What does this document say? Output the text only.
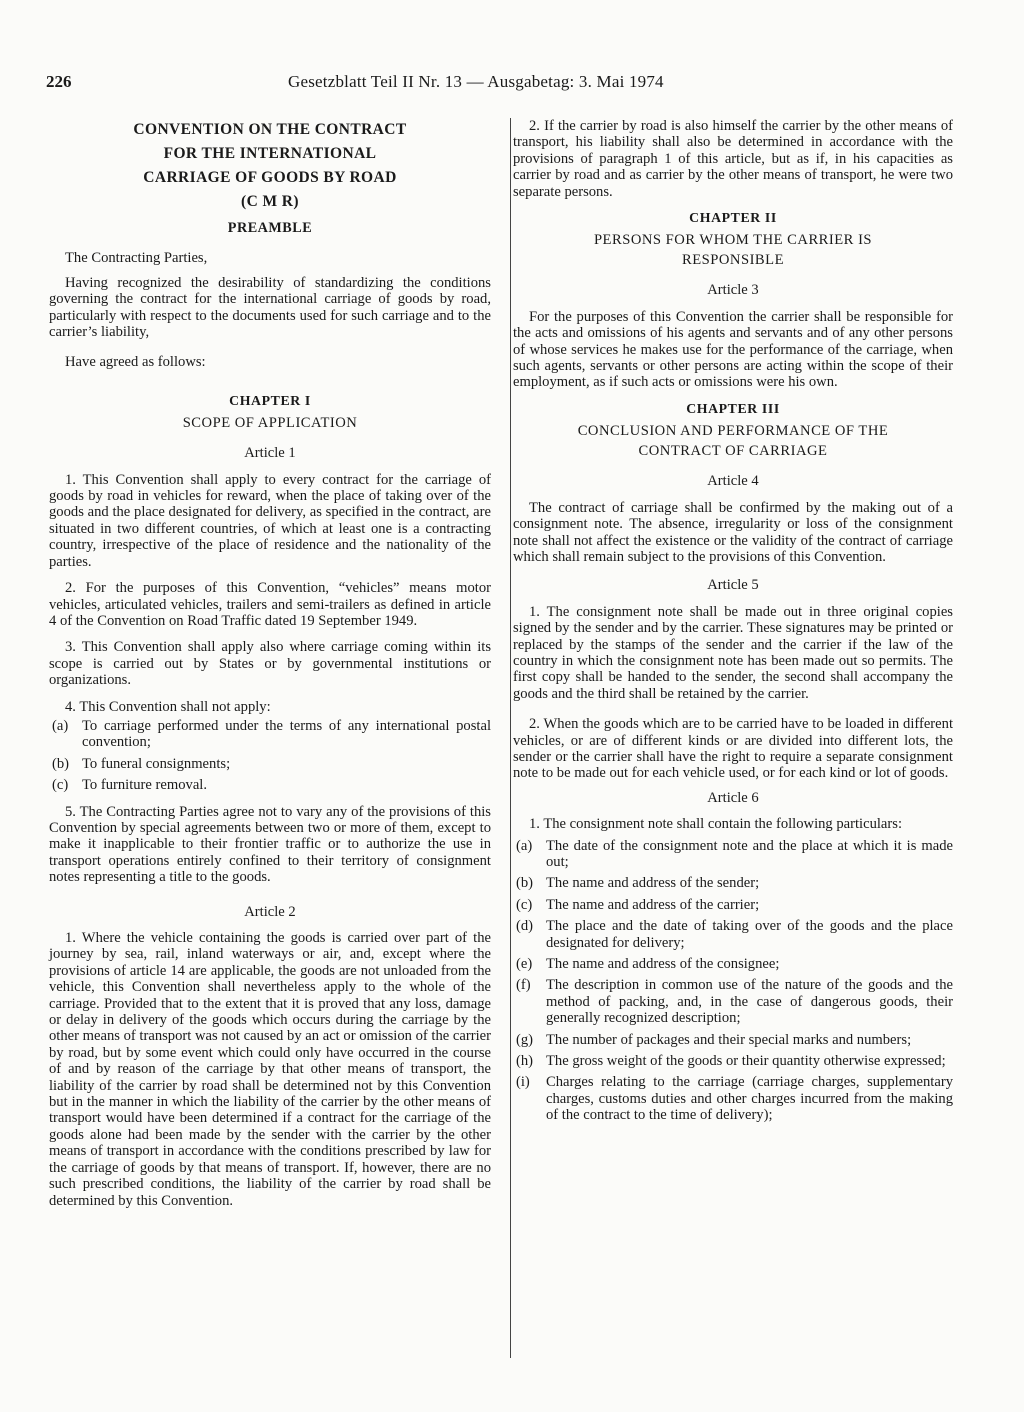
226	Gesetzblatt Teil II Nr. 13 — Ausgabetag: 3. Mai 1974
CONVENTION ON THE CONTRACT
FOR THE INTERNATIONAL
CARRIAGE OF GOODS BY ROAD
(C M R)
PREAMBLE

The Contracting Parties,

Having recognized the desirability of standardizing the conditions governing the contract for the international carriage of goods by road, particularly with respect to the documents used for such carriage and to the carrier’s liability,

Have agreed as follows:

CHAPTER I
SCOPE OF APPLICATION
Article 1

1. This Convention shall apply to every contract for the carriage of goods by road in vehicles for reward, when the place of taking over of the goods and the place designated for delivery, as specified in the contract, are situated in two different countries, of which at least one is a contracting country, irrespective of the place of residence and the nationality of the parties.

2. For the purposes of this Convention, “vehicles” means motor vehicles, articulated vehicles, trailers and semi-trailers as defined in article 4 of the Convention on Road Traffic dated 19 September 1949.

3. This Convention shall apply also where carriage coming within its scope is carried out by States or by governmental institutions or organizations.

4. This Convention shall not apply:

(a) To carriage performed under the terms of any international postal convention;
(b) To funeral consignments;
(c) To furniture removal.

5. The Contracting Parties agree not to vary any of the provisions of this Convention by special agreements between two or more of them, except to make it inapplicable to their frontier traffic or to authorize the use in transport operations entirely confined to their territory of consignment notes representing a title to the goods.

Article 2

1. Where the vehicle containing the goods is carried over part of the journey by sea, rail, inland waterways or air, and, except where the provisions of article 14 are applicable, the goods are not unloaded from the vehicle, this Convention shall nevertheless apply to the whole of the carriage. Provided that to the extent that it is proved that any loss, damage or delay in delivery of the goods which occurs during the carriage by the other means of transport was not caused by an act or omission of the carrier by road, but by some event which could only have occurred in the course of and by reason of the carriage by that other means of transport, the liability of the carrier by road shall be determined not by this Convention but in the manner in which the liability of the carrier by the other means of transport would have been determined if a contract for the carriage of the goods alone had been made by the sender with the carrier by the other means of transport in accordance with the conditions prescribed by law for the carriage of goods by that means of transport. If, however, there are no such prescribed conditions, the liability of the carrier by road shall be determined by this Convention.

2. If the carrier by road is also himself the carrier by the other means of transport, his liability shall also be determined in accordance with the provisions of paragraph 1 of this article, but as if, in his capacities as carrier by road and as carrier by the other means of transport, he were two separate persons.

CHAPTER II
PERSONS FOR WHOM THE CARRIER IS
RESPONSIBLE
Article 3

For the purposes of this Convention the carrier shall be responsible for the acts and omissions of his agents and servants and of any other persons of whose services he makes use for the performance of the carriage, when such agents, servants or other persons are acting within the scope of their employment, as if such acts or omissions were his own.

CHAPTER III
CONCLUSION AND PERFORMANCE OF THE
CONTRACT OF CARRIAGE
Article 4

The contract of carriage shall be confirmed by the making out of a consignment note. The absence, irregularity or loss of the consignment note shall not affect the existence or the validity of the contract of carriage which shall remain subject to the provisions of this Convention.

Article 5

1. The consignment note shall be made out in three original copies signed by the sender and by the carrier. These signatures may be printed or replaced by the stamps of the sender and the carrier if the law of the country in which the consignment note has been made out so permits. The first copy shall be handed to the sender, the second shall accompany the goods and the third shall be retained by the carrier.

2. When the goods which are to be carried have to be loaded in different vehicles, or are of different kinds or are divided into different lots, the sender or the carrier shall have the right to require a separate consignment note to be made out for each vehicle used, or for each kind or lot of goods.

Article 6

1. The consignment note shall contain the following particulars:

(a) The date of the consignment note and the place at which it is made out;
(b) The name and address of the sender;
(c) The name and address of the carrier;
(d) The place and the date of taking over of the goods and the place designated for delivery;
(e) The name and address of the consignee;
(f)	The description in common use of the nature of the goods and the method of packing, and, in the case of dangerous goods, their generally recognized description;
(g) The number of packages and their special marks and numbers;
(h) The gross weight of the goods or their quantity otherwise expressed;
(i)	Charges relating to the carriage (carriage charges, supplementary charges, customs duties and other charges incurred from the making of the contract to the time of delivery);
